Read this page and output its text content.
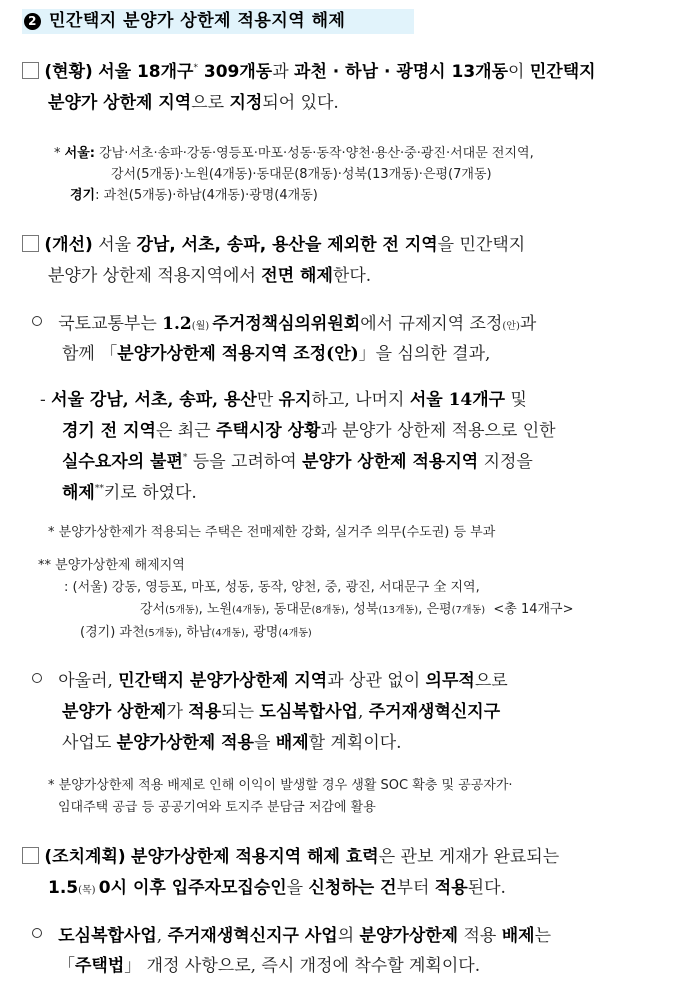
2 민간택지 분양가 상한제 적용지역 해제
(현황) 서울 18개구* 309개동과 과천 · 하남 · 광명시 13개동이 민간택지
분양가 상한제 지역으로 지정되어 있다.
* 서울: 강남·서초·송파·강동·영등포·마포·성동·동작·양천·용산·중·광진·서대문 전지역,
강서(5개동)·노원(4개동)·동대문(8개동)·성북(13개동)·은평(7개동)
경기: 과천(5개동)·하남(4개동)·광명(4개동)
(개선) 서울 강남, 서초, 송파, 용산을 제외한 전 지역을 민간택지
분양가 상한제 적용지역에서 전면 해제한다.
국토교통부는 1.2(월) 주거정책심의위원회에서 규제지역 조정(안)과
함께 「분양가상한제 적용지역 조정(안)」을 심의한 결과,
- 서울 강남, 서초, 송파, 용산만 유지하고, 나머지 서울 14개구 및
경기 전 지역은 최근 주택시장 상황과 분양가 상한제 적용으로 인한
실수요자의 불편* 등을 고려하여 분양가 상한제 적용지역 지정을
해제**키로 하였다.
* 분양가상한제가 적용되는 주택은 전매제한 강화, 실거주 의무(수도권) 등 부과
** 분양가상한제 해제지역
: (서울) 강동, 영등포, 마포, 성동, 동작, 양천, 중, 광진, 서대문구 全 지역,
강서(5개동), 노원(4개동), 동대문(8개동), 성북(13개동), 은평(7개동) <총 14개구>
(경기) 과천(5개동), 하남(4개동), 광명(4개동)
아울러, 민간택지 분양가상한제 지역과 상관 없이 의무적으로
분양가 상한제가 적용되는 도심복합사업, 주거재생혁신지구
사업도 분양가상한제 적용을 배제할 계획이다.
* 분양가상한제 적용 배제로 인해 이익이 발생할 경우 생활 SOC 확충 및 공공자가·
임대주택 공급 등 공공기여와 토지주 분담금 저감에 활용
(조치계획) 분양가상한제 적용지역 해제 효력은 관보 게재가 완료되는
1.5(목) 0시 이후 입주자모집승인을 신청하는 건부터 적용된다.
도심복합사업, 주거재생혁신지구 사업의 분양가상한제 적용 배제는
「주택법」 개정 사항으로, 즉시 개정에 착수할 계획이다.
